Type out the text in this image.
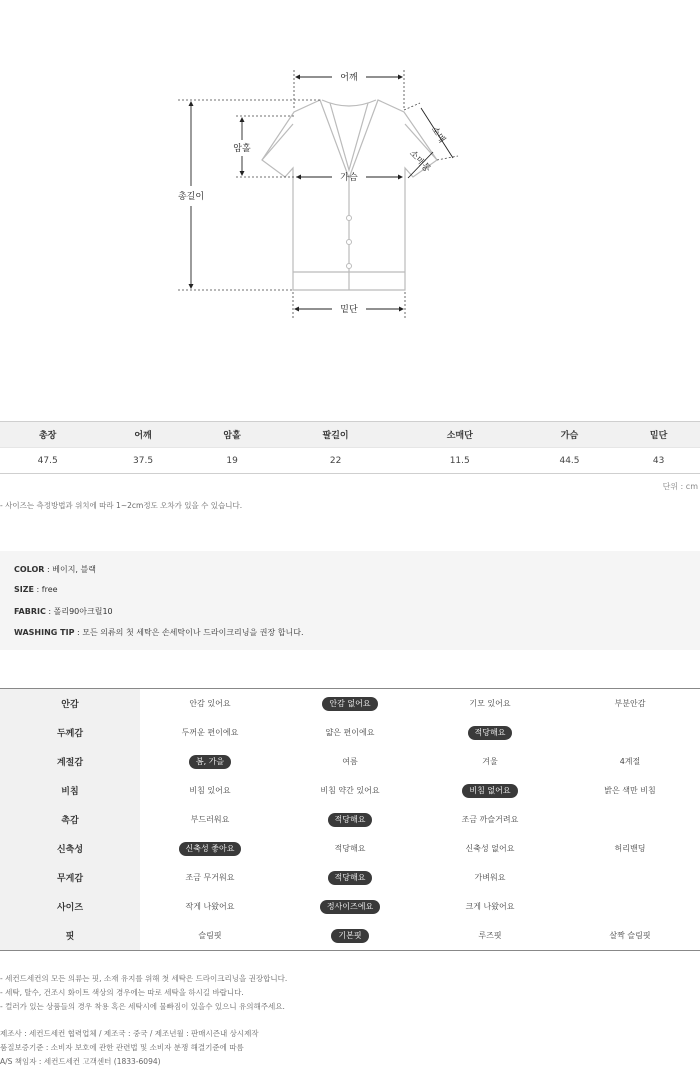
어깨
총길이
암홀
가슴
밑단
소매
소매통
총장	어깨	암홀	팔길이	소매단	가슴	밑단
47.5	37.5	19	22	11.5	44.5	43
단위 : cm
- 사이즈는 측정방법과 위치에 따라 1~2cm정도 오차가 있을 수 있습니다.
COLOR : 베이지, 블랙
SIZE : free
FABRIC : 폴리90아크릴10
WASHING TIP : 모든 의류의 첫 세탁은 손세탁이나 드라이크리닝을 권장 합니다.
안감	안감 있어요	안감 없어요	기모 있어요	부분안감
두께감	두꺼운 편이에요	얇은 편이에요	적당해요
계절감	봄, 가을	여름	겨울	4계절
비침	비침 있어요	비침 약간 있어요	비침 없어요	밝은 색만 비침
촉감	부드러워요	적당해요	조금 까슬거려요
신축성	신축성 좋아요	적당해요	신축성 없어요	허리밴딩
무게감	조금 무거워요	적당해요	가벼워요
사이즈	작게 나왔어요	정사이즈에요	크게 나왔어요
핏	슬림핏	기본핏	루즈핏	살짝 슬림핏
- 세컨드세컨의 모든 의류는 핏, 소재 유지를 위해 첫 세탁은 드라이크리닝을 권장합니다.
- 세탁, 탈수, 건조시 화이트 색상의 경우에는 따로 세탁을 하시길 바랍니다.
- 컬러가 있는 상품들의 경우 착용 혹은 세탁시에 물빠짐이 있을수 있으니 유의해주세요.
제조사 : 세컨드세컨 협력업체 / 제조국 : 중국 / 제조년월 : 판매시즌내 상시제작
품질보증기준 : 소비자 보호에 관한 관련법 및 소비자 분쟁 해결기준에 따름
A/S 책임자 : 세컨드세컨 고객센터 (1833-6094)
